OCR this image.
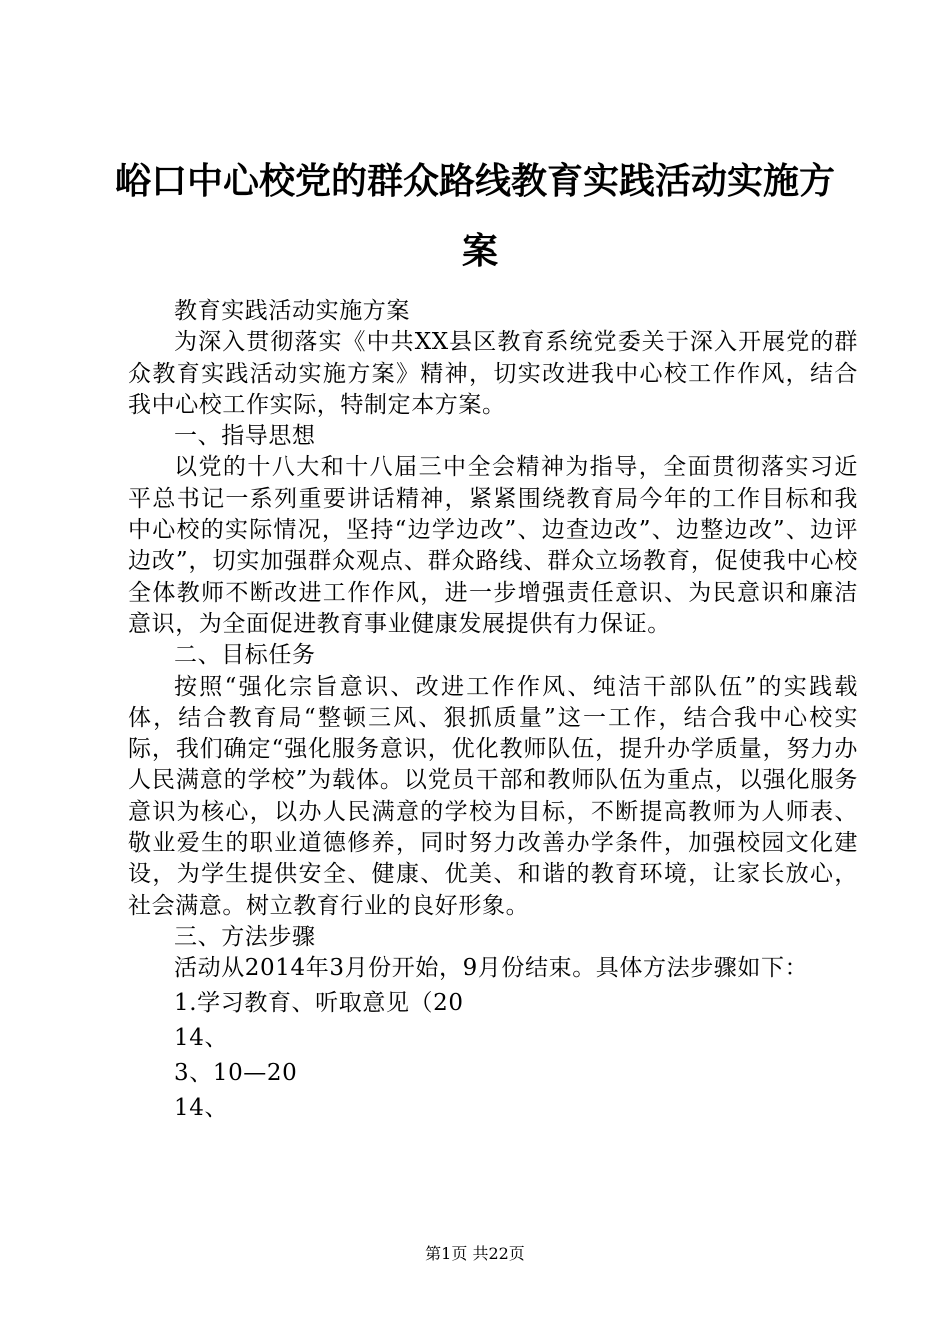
峪口中心校党的群众路线教育实践活动实施方
案

教育实践活动实施方案

为深入贯彻落实《中共XX县区教育系统党委关于深入开展党的群众教育实践活动实施方案》精神，切实改进我中心校工作作风，结合我中心校工作实际，特制定本方案。

一、指导思想

以党的十八大和十八届三中全会精神为指导，全面贯彻落实习近平总书记一系列重要讲话精神，紧紧围绕教育局今年的工作目标和我中心校的实际情况，坚持“边学边改”、边查边改”、边整边改”、边评边改”，切实加强群众观点、群众路线、群众立场教育，促使我中心校全体教师不断改进工作作风，进一步增强责任意识、为民意识和廉洁意识，为全面促进教育事业健康发展提供有力保证。

二、目标任务

按照“强化宗旨意识、改进工作作风、纯洁干部队伍”的实践载体，结合教育局“整顿三风、狠抓质量”这一工作，结合我中心校实际，我们确定“强化服务意识，优化教师队伍，提升办学质量，努力办人民满意的学校”为载体。以党员干部和教师队伍为重点，以强化服务意识为核心，以办人民满意的学校为目标，不断提高教师为人师表、敬业爱生的职业道德修养，同时努力改善办学条件，加强校园文化建设，为学生提供安全、健康、优美、和谐的教育环境，让家长放心，社会满意。树立教育行业的良好形象。

三、方法步骤

活动从2014年3月份开始，9月份结束。具体方法步骤如下：

1.学习教育、听取意见（20

14、

3、10—20

14、

第1页 共22页
